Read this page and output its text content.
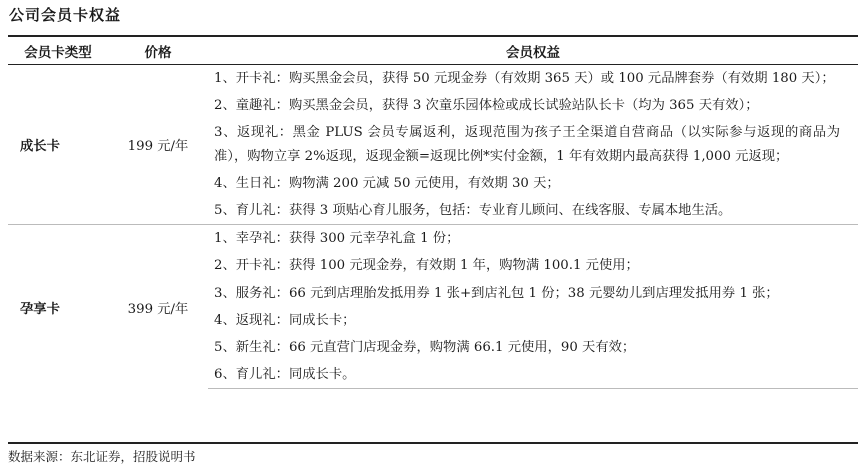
公司会员卡权益
会员卡类型	价格	会员权益
成长卡	199 元/年	1、开卡礼：购买黑金会员，获得 50 元现金券（有效期 365 天）或 100 元品牌套券（有效期 180 天）；

		2、童趣礼：购买黑金会员，获得 3 次童乐园体检或成长试验站队长卡（均为 365 天有效）；

		3、返现礼：黑金 PLUS 会员专属返利，返现范围为孩子王全渠道自营商品（以实际参与返现的商品为准），购物立享 2%返现，返现金额=返现比例*实付金额，1 年有效期内最高获得 1,000 元返现；

		4、生日礼：购物满 200 元减 50 元使用，有效期 30 天；

		5、育儿礼：获得 3 项贴心育儿服务，包括：专业育儿顾问、在线客服、专属本地生活。

孕享卡	399 元/年	1、幸孕礼：获得 300 元幸孕礼盒 1 份；

		2、开卡礼：获得 100 元现金券，有效期 1 年，购物满 100.1 元使用；

		3、服务礼：66 元到店理胎发抵用券 1 张+到店礼包 1 份；38 元婴幼儿到店理发抵用券 1 张；

		4、返现礼：同成长卡；

		5、新生礼：66 元直营门店现金券，购物满 66.1 元使用，90 天有效；

		6、育儿礼：同成长卡。
数据来源：东北证券，招股说明书
